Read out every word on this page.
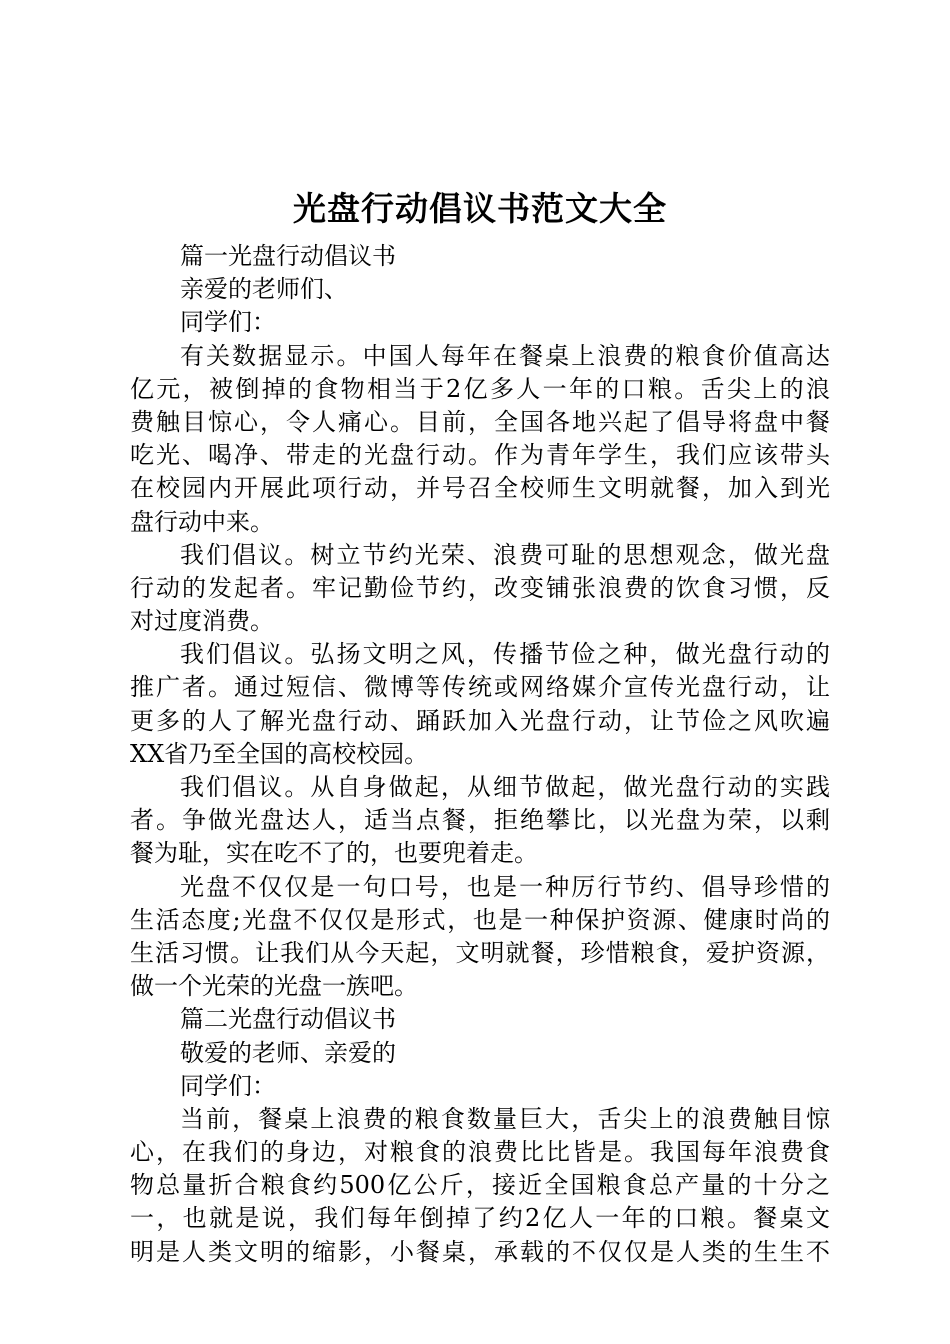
光盘行动倡议书范文大全
篇一光盘行动倡议书
亲爱的老师们、
同学们：
有关数据显示。中国人每年在餐桌上浪费的粮食价值高达
亿元，被倒掉的食物相当于2亿多人一年的口粮。舌尖上的浪
费触目惊心，令人痛心。目前，全国各地兴起了倡导将盘中餐
吃光、喝净、带走的光盘行动。作为青年学生，我们应该带头
在校园内开展此项行动，并号召全校师生文明就餐，加入到光
盘行动中来。
我们倡议。树立节约光荣、浪费可耻的思想观念，做光盘
行动的发起者。牢记勤俭节约，改变铺张浪费的饮食习惯，反
对过度消费。
我们倡议。弘扬文明之风，传播节俭之种，做光盘行动的
推广者。通过短信、微博等传统或网络媒介宣传光盘行动，让
更多的人了解光盘行动、踊跃加入光盘行动，让节俭之风吹遍
XX省乃至全国的高校校园。
我们倡议。从自身做起，从细节做起，做光盘行动的实践
者。争做光盘达人，适当点餐，拒绝攀比，以光盘为荣，以剩
餐为耻，实在吃不了的，也要兜着走。
光盘不仅仅是一句口号，也是一种厉行节约、倡导珍惜的
生活态度;光盘不仅仅是形式，也是一种保护资源、健康时尚的
生活习惯。让我们从今天起，文明就餐，珍惜粮食，爱护资源，
做一个光荣的光盘一族吧。
篇二光盘行动倡议书
敬爱的老师、亲爱的
同学们：
当前，餐桌上浪费的粮食数量巨大，舌尖上的浪费触目惊
心，在我们的身边，对粮食的浪费比比皆是。我国每年浪费食
物总量折合粮食约500亿公斤，接近全国粮食总产量的十分之
一，也就是说，我们每年倒掉了约2亿人一年的口粮。餐桌文
明是人类文明的缩影，小餐桌，承载的不仅仅是人类的生生不
